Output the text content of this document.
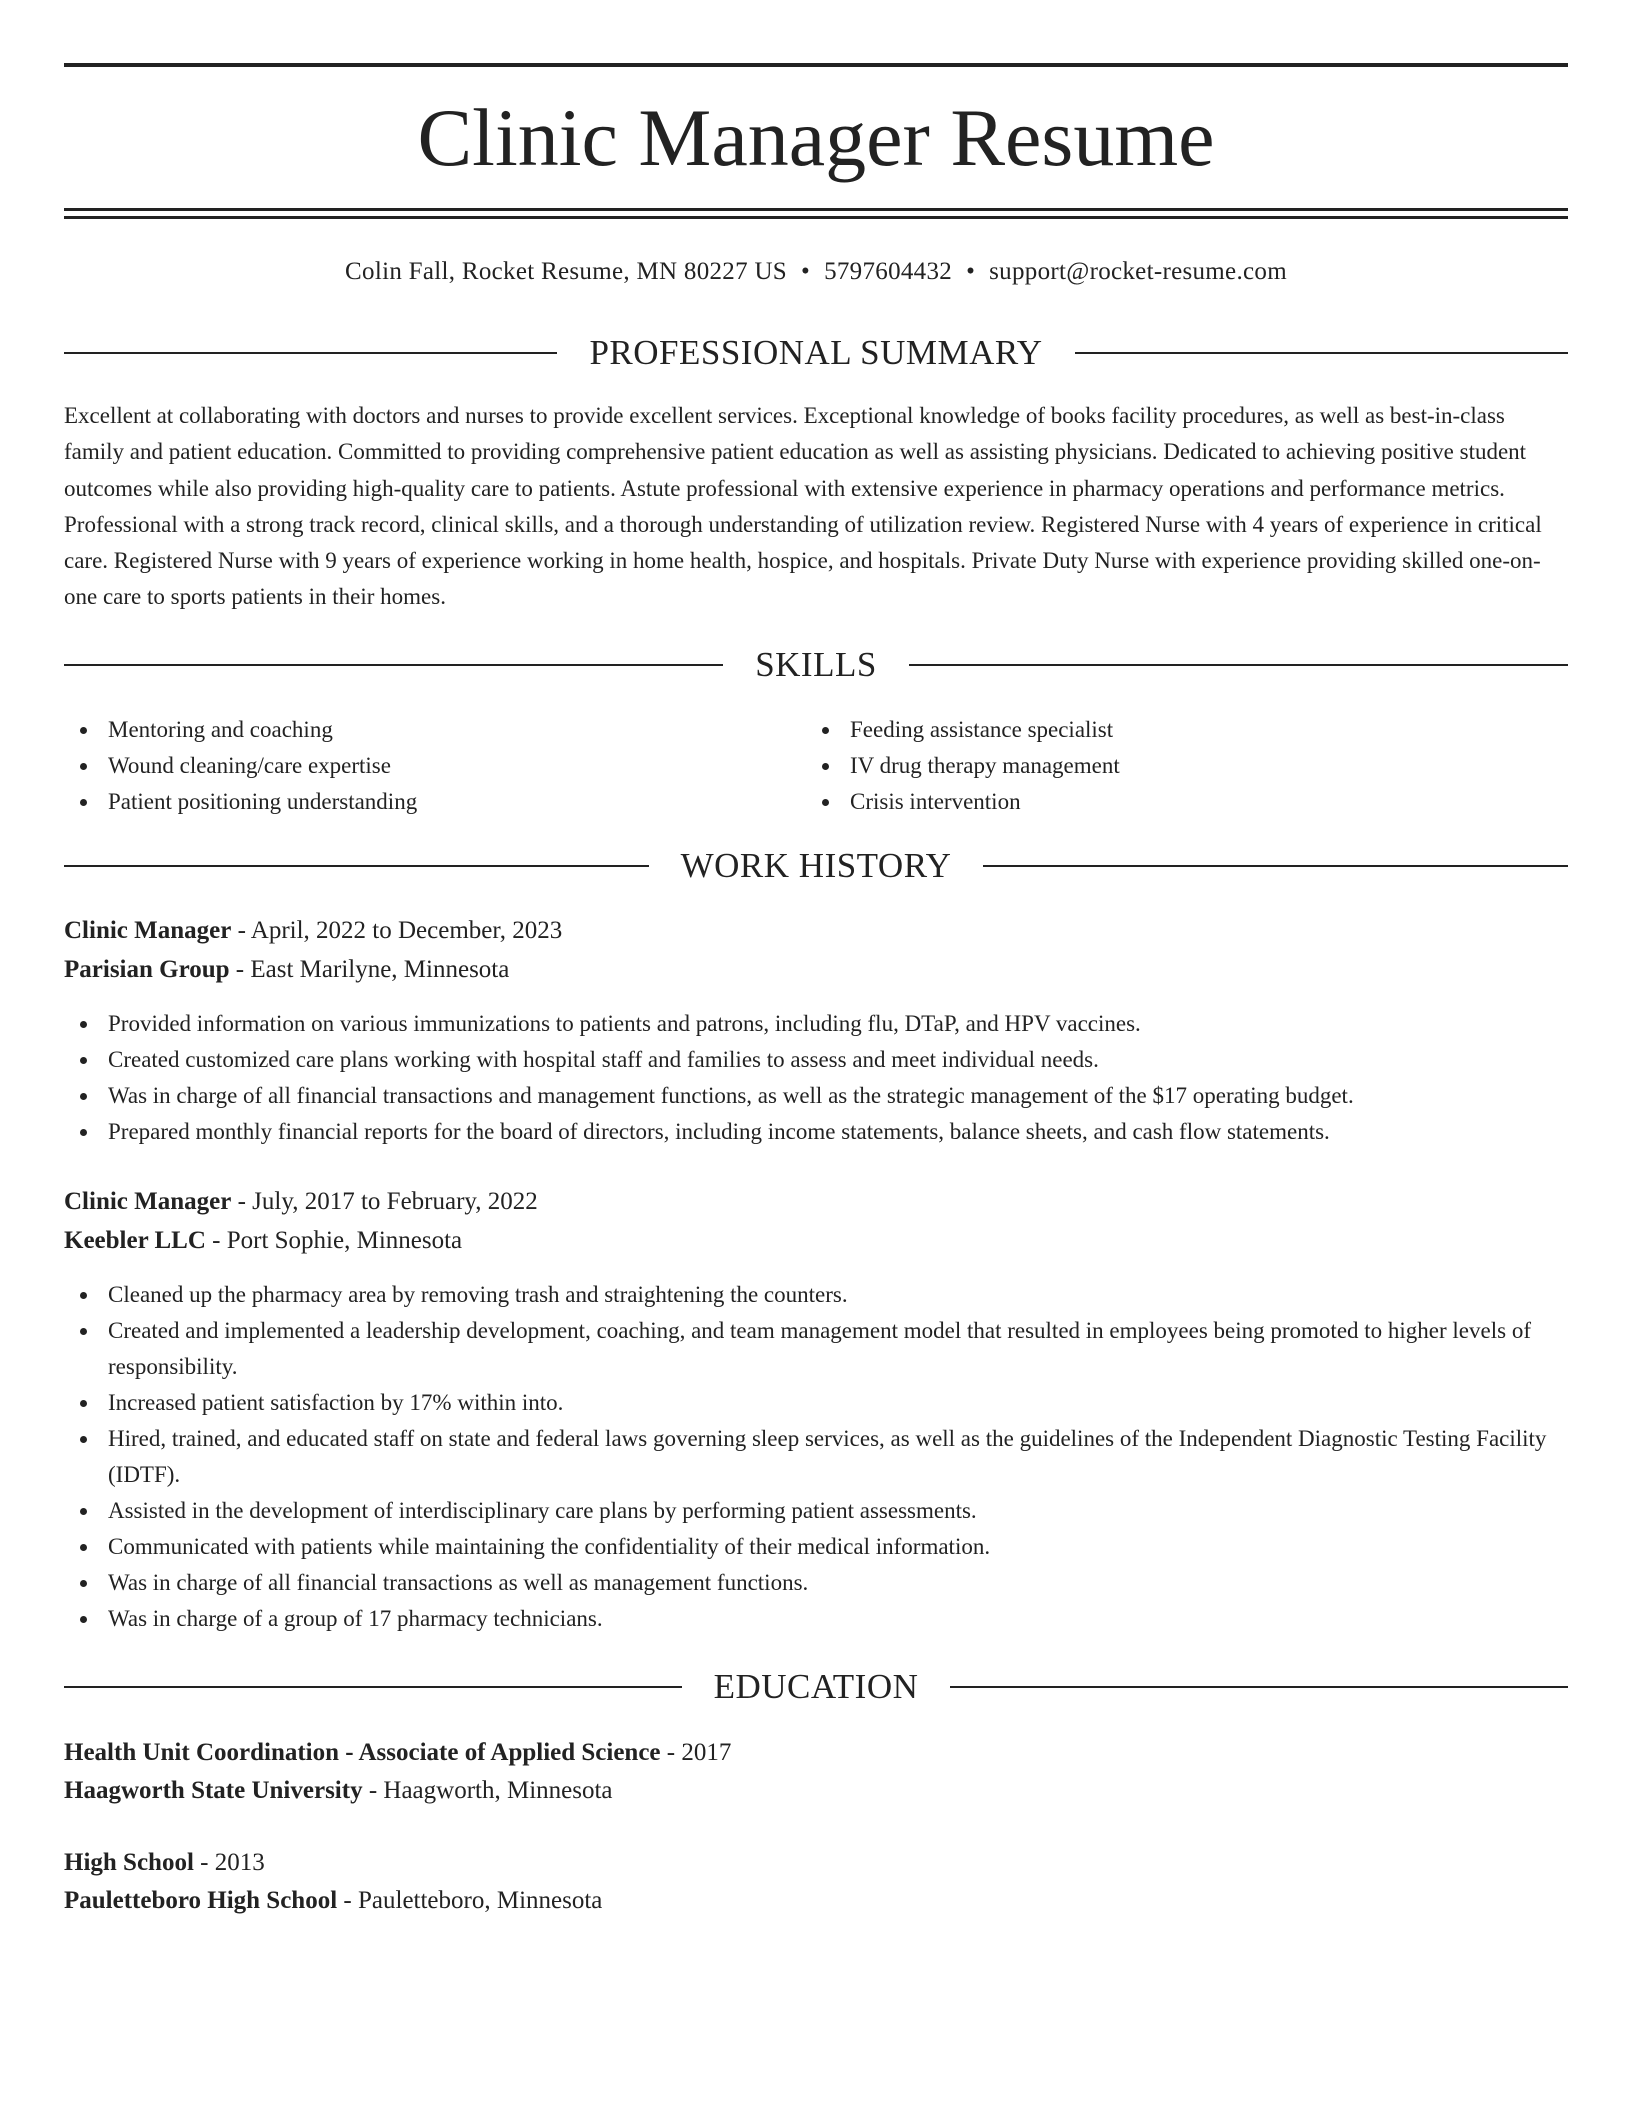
Clinic Manager Resume
Colin Fall, Rocket Resume, MN 80227 US • 5797604432 • support@rocket-resume.com
PROFESSIONAL SUMMARY

Excellent at collaborating with doctors and nurses to provide excellent services. Exceptional knowledge of books facility procedures, as well as best-in-class family and patient education. Committed to providing comprehensive patient education as well as assisting physicians. Dedicated to achieving positive student outcomes while also providing high-quality care to patients. Astute professional with extensive experience in pharmacy operations and performance metrics. Professional with a strong track record, clinical skills, and a thorough understanding of utilization review. Registered Nurse with 4 years of experience in critical care. Registered Nurse with 9 years of experience working in home health, hospice, and hospitals. Private Duty Nurse with experience providing skilled one-on-one care to sports patients in their homes.

SKILLS
Mentoring and coaching
Wound cleaning/care expertise
Patient positioning understanding
Feeding assistance specialist
IV drug therapy management
Crisis intervention
WORK HISTORY
Clinic Manager - April, 2022 to December, 2023
Parisian Group - East Marilyne, Minnesota
Provided information on various immunizations to patients and patrons, including flu, DTaP, and HPV vaccines.
Created customized care plans working with hospital staff and families to assess and meet individual needs.
Was in charge of all financial transactions and management functions, as well as the strategic management of the $17 operating budget.
Prepared monthly financial reports for the board of directors, including income statements, balance sheets, and cash flow statements.
Clinic Manager - July, 2017 to February, 2022
Keebler LLC - Port Sophie, Minnesota
Cleaned up the pharmacy area by removing trash and straightening the counters.
Created and implemented a leadership development, coaching, and team management model that resulted in employees being promoted to higher levels of responsibility.
Increased patient satisfaction by 17% within into.
Hired, trained, and educated staff on state and federal laws governing sleep services, as well as the guidelines of the Independent Diagnostic Testing Facility (IDTF).
Assisted in the development of interdisciplinary care plans by performing patient assessments.
Communicated with patients while maintaining the confidentiality of their medical information.
Was in charge of all financial transactions as well as management functions.
Was in charge of a group of 17 pharmacy technicians.
EDUCATION
Health Unit Coordination - Associate of Applied Science - 2017
Haagworth State University - Haagworth, Minnesota
High School - 2013
Pauletteboro High School - Pauletteboro, Minnesota
